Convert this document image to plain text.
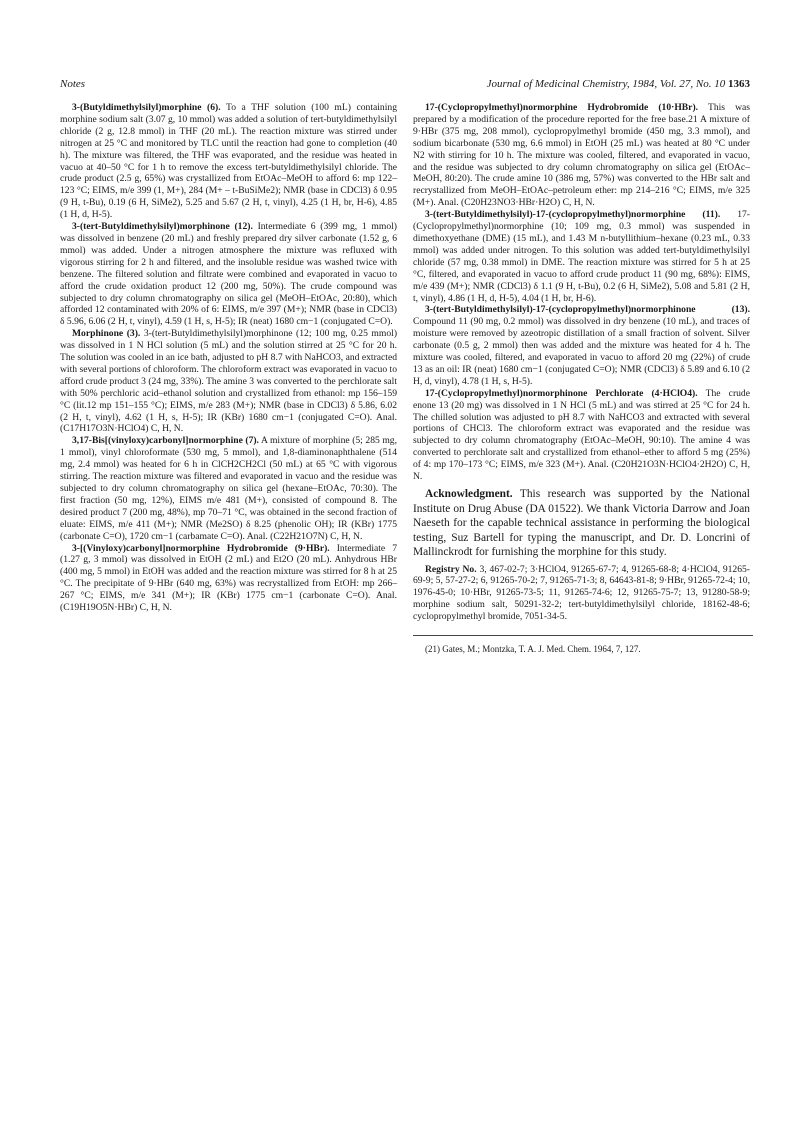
Notes	Journal of Medicinal Chemistry, 1984, Vol. 27, No. 10 1363

3-(Butyldimethylsilyl)morphine (6). To a THF solution (100 mL) containing morphine sodium salt (3.07 g, 10 mmol) was added a solution of tert-butyldimethylsilyl chloride (2 g, 12.8 mmol) in THF (20 mL). The reaction mixture was stirred under nitrogen at 25 °C and monitored by TLC until the reaction had gone to completion (40 h). The mixture was filtered, the THF was evaporated, and the residue was heated in vacuo at 40–50 °C for 1 h to remove the excess tert-butyldimethylsilyl chloride. The crude product (2.5 g, 65%) was crystallized from EtOAc–MeOH to afford 6: mp 122–123 °C; EIMS, m/e 399 (1, M+), 284 (M+ – t-BuSiMe2); NMR (base in CDCl3) δ 0.95 (9 H, t-Bu), 0.19 (6 H, SiMe2), 5.25 and 5.67 (2 H, t, vinyl), 4.25 (1 H, br, H-6), 4.85 (1 H, d, H-5).

3-(tert-Butyldimethylsilyl)morphinone (12). Intermediate 6 (399 mg, 1 mmol) was dissolved in benzene (20 mL) and freshly prepared dry silver carbonate (1.52 g, 6 mmol) was added. Under a nitrogen atmosphere the mixture was refluxed with vigorous stirring for 2 h and filtered, and the insoluble residue was washed twice with benzene. The filtered solution and filtrate were combined and evaporated in vacuo to afford the crude oxidation product 12 (200 mg, 50%). The crude compound was subjected to dry column chromatography on silica gel (MeOH–EtOAc, 20:80), which afforded 12 contaminated with 20% of 6: EIMS, m/e 397 (M+); NMR (base in CDCl3) δ 5.96, 6.06 (2 H, t, vinyl), 4.59 (1 H, s, H-5); IR (neat) 1680 cm−1 (conjugated C=O).

Morphinone (3). 3-(tert-Butyldimethylsilyl)morphinone (12; 100 mg, 0.25 mmol) was dissolved in 1 N HCl solution (5 mL) and the solution stirred at 25 °C for 20 h. The solution was cooled in an ice bath, adjusted to pH 8.7 with NaHCO3, and extracted with several portions of chloroform. The chloroform extract was evaporated in vacuo to afford crude product 3 (24 mg, 33%). The amine 3 was converted to the perchlorate salt with 50% perchloric acid–ethanol solution and crystallized from ethanol: mp 156–159 °C (lit.12 mp 151–155 °C); EIMS, m/e 283 (M+); NMR (base in CDCl3) δ 5.86, 6.02 (2 H, t, vinyl), 4.62 (1 H, s, H-5); IR (KBr) 1680 cm−1 (conjugated C=O). Anal. (C17H17O3N·HClO4) C, H, N.

3,17-Bis[(vinyloxy)carbonyl]normorphine (7). A mixture of morphine (5; 285 mg, 1 mmol), vinyl chloroformate (530 mg, 5 mmol), and 1,8-diaminonaphthalene (514 mg, 2.4 mmol) was heated for 6 h in ClCH2CH2Cl (50 mL) at 65 °C with vigorous stirring. The reaction mixture was filtered and evaporated in vacuo and the residue was subjected to dry column chromatography on silica gel (hexane–EtOAc, 70:30). The first fraction (50 mg, 12%), EIMS m/e 481 (M+), consisted of compound 8. The desired product 7 (200 mg, 48%), mp 70–71 °C, was obtained in the second fraction of eluate: EIMS, m/e 411 (M+); NMR (Me2SO) δ 8.25 (phenolic OH); IR (KBr) 1775 (carbonate C=O), 1720 cm−1 (carbamate C=O). Anal. (C22H21O7N) C, H, N.

3-[(Vinyloxy)carbonyl]normorphine Hydrobromide (9·HBr). Intermediate 7 (1.27 g, 3 mmol) was dissolved in EtOH (2 mL) and Et2O (20 mL). Anhydrous HBr (400 mg, 5 mmol) in EtOH was added and the reaction mixture was stirred for 8 h at 25 °C. The precipitate of 9·HBr (640 mg, 63%) was recrystallized from EtOH: mp 266–267 °C; EIMS, m/e 341 (M+); IR (KBr) 1775 cm−1 (carbonate C=O). Anal. (C19H19O5N·HBr) C, H, N.

17-(Cyclopropylmethyl)normorphine Hydrobromide (10·HBr). This was prepared by a modification of the procedure reported for the free base.21 A mixture of 9·HBr (375 mg, 208 mmol), cyclopropylmethyl bromide (450 mg, 3.3 mmol), and sodium bicarbonate (530 mg, 6.6 mmol) in EtOH (25 mL) was heated at 80 °C under N2 with stirring for 10 h. The mixture was cooled, filtered, and evaporated in vacuo, and the residue was subjected to dry column chromatography on silica gel (EtOAc–MeOH, 80:20). The crude amine 10 (386 mg, 57%) was converted to the HBr salt and recrystallized from MeOH–EtOAc–petroleum ether: mp 214–216 °C; EIMS, m/e 325 (M+). Anal. (C20H23NO3·HBr·H2O) C, H, N.

3-(tert-Butyldimethylsilyl)-17-(cyclopropylmethyl)normorphine (11). 17-(Cyclopropylmethyl)normorphine (10; 109 mg, 0.3 mmol) was suspended in dimethoxyethane (DME) (15 mL), and 1.43 M n-butyllithium–hexane (0.23 mL, 0.33 mmol) was added under nitrogen. To this solution was added tert-butyldimethylsilyl chloride (57 mg, 0.38 mmol) in DME. The reaction mixture was stirred for 5 h at 25 °C, filtered, and evaporated in vacuo to afford crude product 11 (90 mg, 68%): EIMS, m/e 439 (M+); NMR (CDCl3) δ 1.1 (9 H, t-Bu), 0.2 (6 H, SiMe2), 5.08 and 5.81 (2 H, t, vinyl), 4.86 (1 H, d, H-5), 4.04 (1 H, br, H-6).

3-(tert-Butyldimethylsilyl)-17-(cyclopropylmethyl)normorphinone (13). Compound 11 (90 mg, 0.2 mmol) was dissolved in dry benzene (10 mL), and traces of moisture were removed by azeotropic distillation of a small fraction of solvent. Silver carbonate (0.5 g, 2 mmol) then was added and the mixture was heated for 4 h. The mixture was cooled, filtered, and evaporated in vacuo to afford 20 mg (22%) of crude 13 as an oil: IR (neat) 1680 cm−1 (conjugated C=O); NMR (CDCl3) δ 5.89 and 6.10 (2 H, d, vinyl), 4.78 (1 H, s, H-5).

17-(Cyclopropylmethyl)normorphinone Perchlorate (4·HClO4). The crude enone 13 (20 mg) was dissolved in 1 N HCl (5 mL) and was stirred at 25 °C for 24 h. The chilled solution was adjusted to pH 8.7 with NaHCO3 and extracted with several portions of CHCl3. The chloroform extract was evaporated and the residue was subjected to dry column chromatography (EtOAc–MeOH, 90:10). The amine 4 was converted to perchlorate salt and crystallized from ethanol–ether to afford 5 mg (25%) of 4: mp 170–173 °C; EIMS, m/e 323 (M+). Anal. (C20H21O3N·HClO4·2H2O) C, H, N.

Acknowledgment. This research was supported by the National Institute on Drug Abuse (DA 01522). We thank Victoria Darrow and Joan Naeseth for the capable technical assistance in performing the biological testing, Suz Bartell for typing the manuscript, and Dr. D. Loncrini of Mallinckrodt for furnishing the morphine for this study.

Registry No. 3, 467-02-7; 3·HClO4, 91265-67-7; 4, 91265-68-8; 4·HClO4, 91265-69-9; 5, 57-27-2; 6, 91265-70-2; 7, 91265-71-3; 8, 64643-81-8; 9·HBr, 91265-72-4; 10, 1976-45-0; 10·HBr, 91265-73-5; 11, 91265-74-6; 12, 91265-75-7; 13, 91280-58-9; morphine sodium salt, 50291-32-2; tert-butyldimethylsilyl chloride, 18162-48-6; cyclopropylmethyl bromide, 7051-34-5.

(21) Gates, M.; Montzka, T. A. J. Med. Chem. 1964, 7, 127.
